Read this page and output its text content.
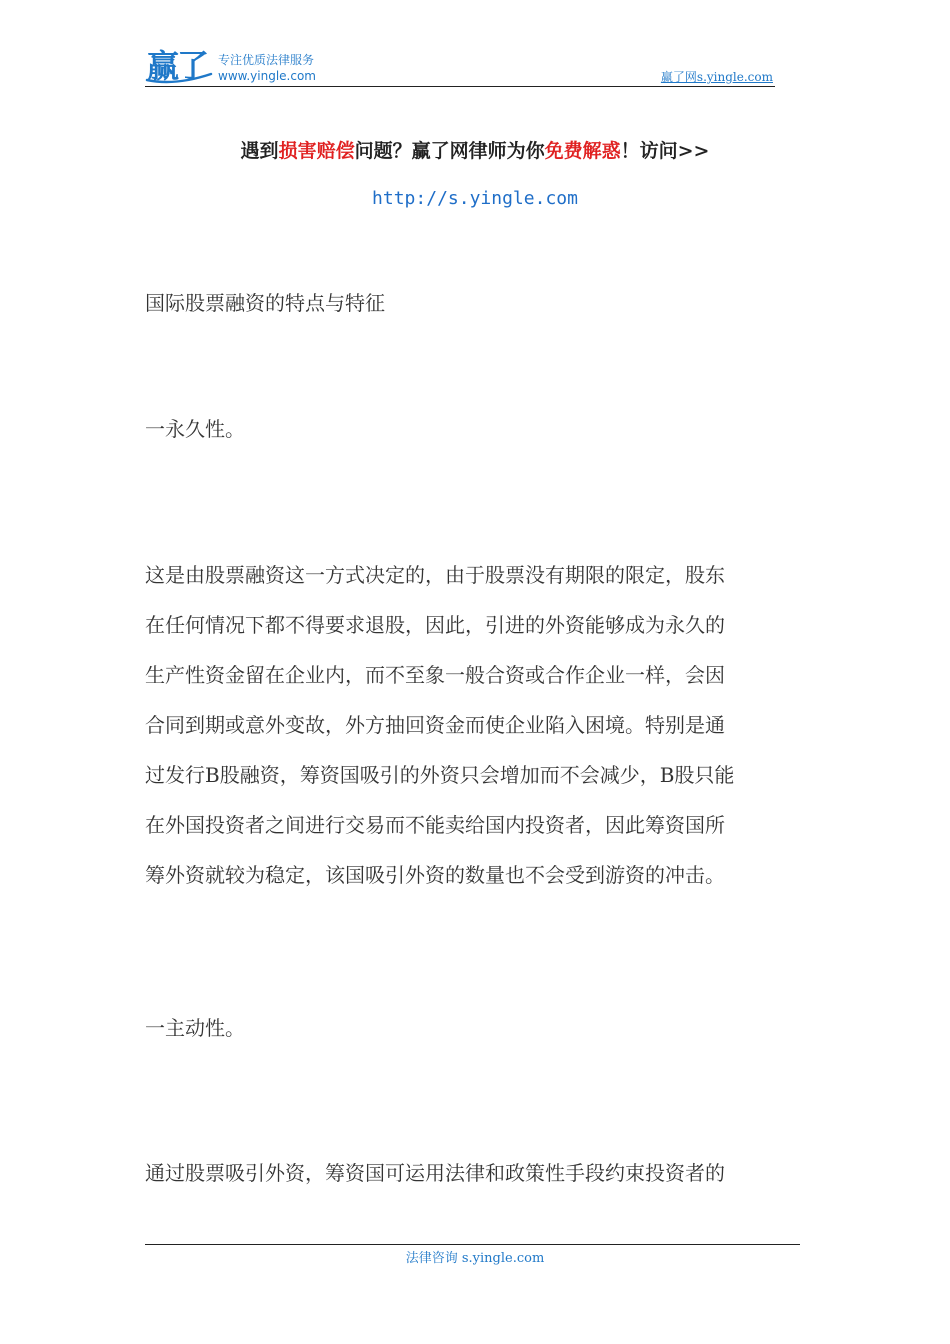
赢了 专注优质法律服务
www.yingle.com	赢了网s.yingle.com
遇到损害赔偿问题？赢了网律师为你免费解惑！访问>>
http://s.yingle.com
国际股票融资的特点与特征
一永久性。
这是由股票融资这一方式决定的，由于股票没有期限的限定，股东
在任何情况下都不得要求退股，因此，引进的外资能够成为永久的
生产性资金留在企业内，而不至象一般合资或合作企业一样，会因
合同到期或意外变故，外方抽回资金而使企业陷入困境。特别是通
过发行B股融资，筹资国吸引的外资只会增加而不会减少，B股只能
在外国投资者之间进行交易而不能卖给国内投资者，因此筹资国所
筹外资就较为稳定，该国吸引外资的数量也不会受到游资的冲击。
一主动性。
通过股票吸引外资，筹资国可运用法律和政策性手段约束投资者的
法律咨询 s.yingle.com
